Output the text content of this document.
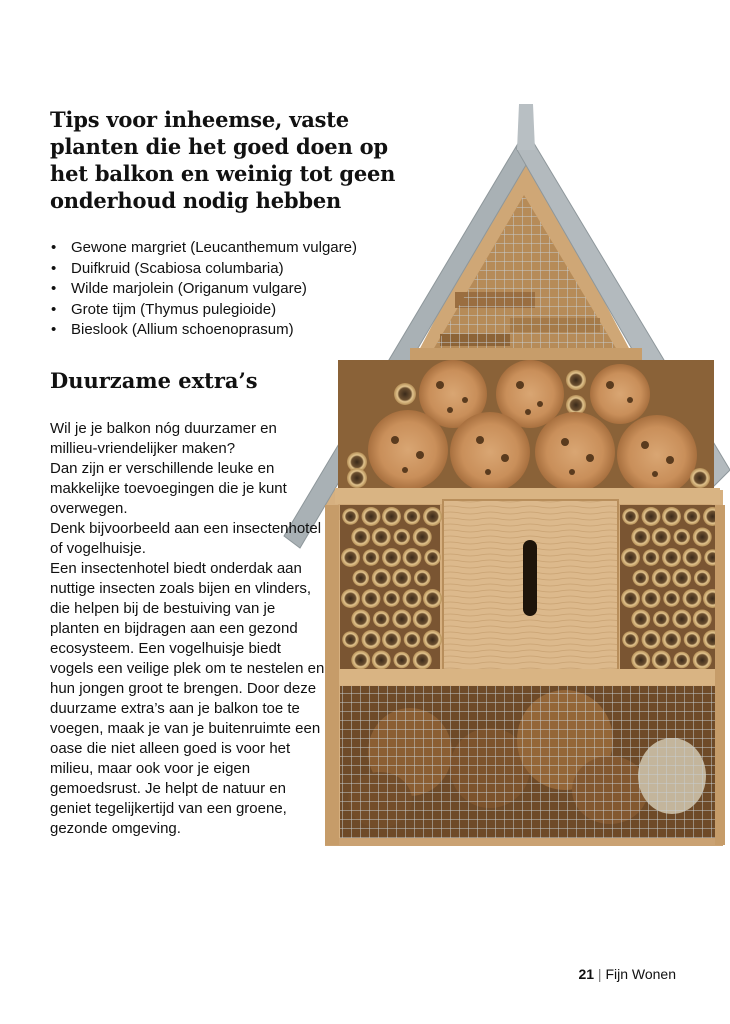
Tips voor inheemse, vaste planten die het goed doen op het balkon en weinig tot geen onderhoud nodig hebben
• Gewone margriet (Leucanthemum vulgare)
• Duifkruid (Scabiosa columbaria)
• Wilde marjolein (Origanum vulgare)
• Grote tijm (Thymus pulegioide)
• Bieslook (Allium schoenoprasum)
Duurzame extra’s

Wil je je balkon nóg duurzamer en millieu-vriendelijker maken?

Dan zijn er verschillende leuke en makkelijke toevoegingen die je kunt overwegen.

Denk bijvoorbeeld aan een insectenhotel of vogelhuisje.

Een insectenhotel biedt onderdak aan nuttige insecten zoals bijen en vlinders, die helpen bij de bestuiving van je planten en bijdragen aan een gezond ecosysteem. Een vogelhuisje biedt vogels een veilige plek om te nestelen en hun jongen groot te brengen. Door deze duurzame extra’s aan je balkon toe te voegen, maak je van je buitenruimte een oase die niet alleen goed is voor het milieu, maar ook voor je eigen gemoedsrust. Je helpt de natuur en geniet tegelijkertijd van een groene, gezonde omgeving.

21 | Fijn Wonen
